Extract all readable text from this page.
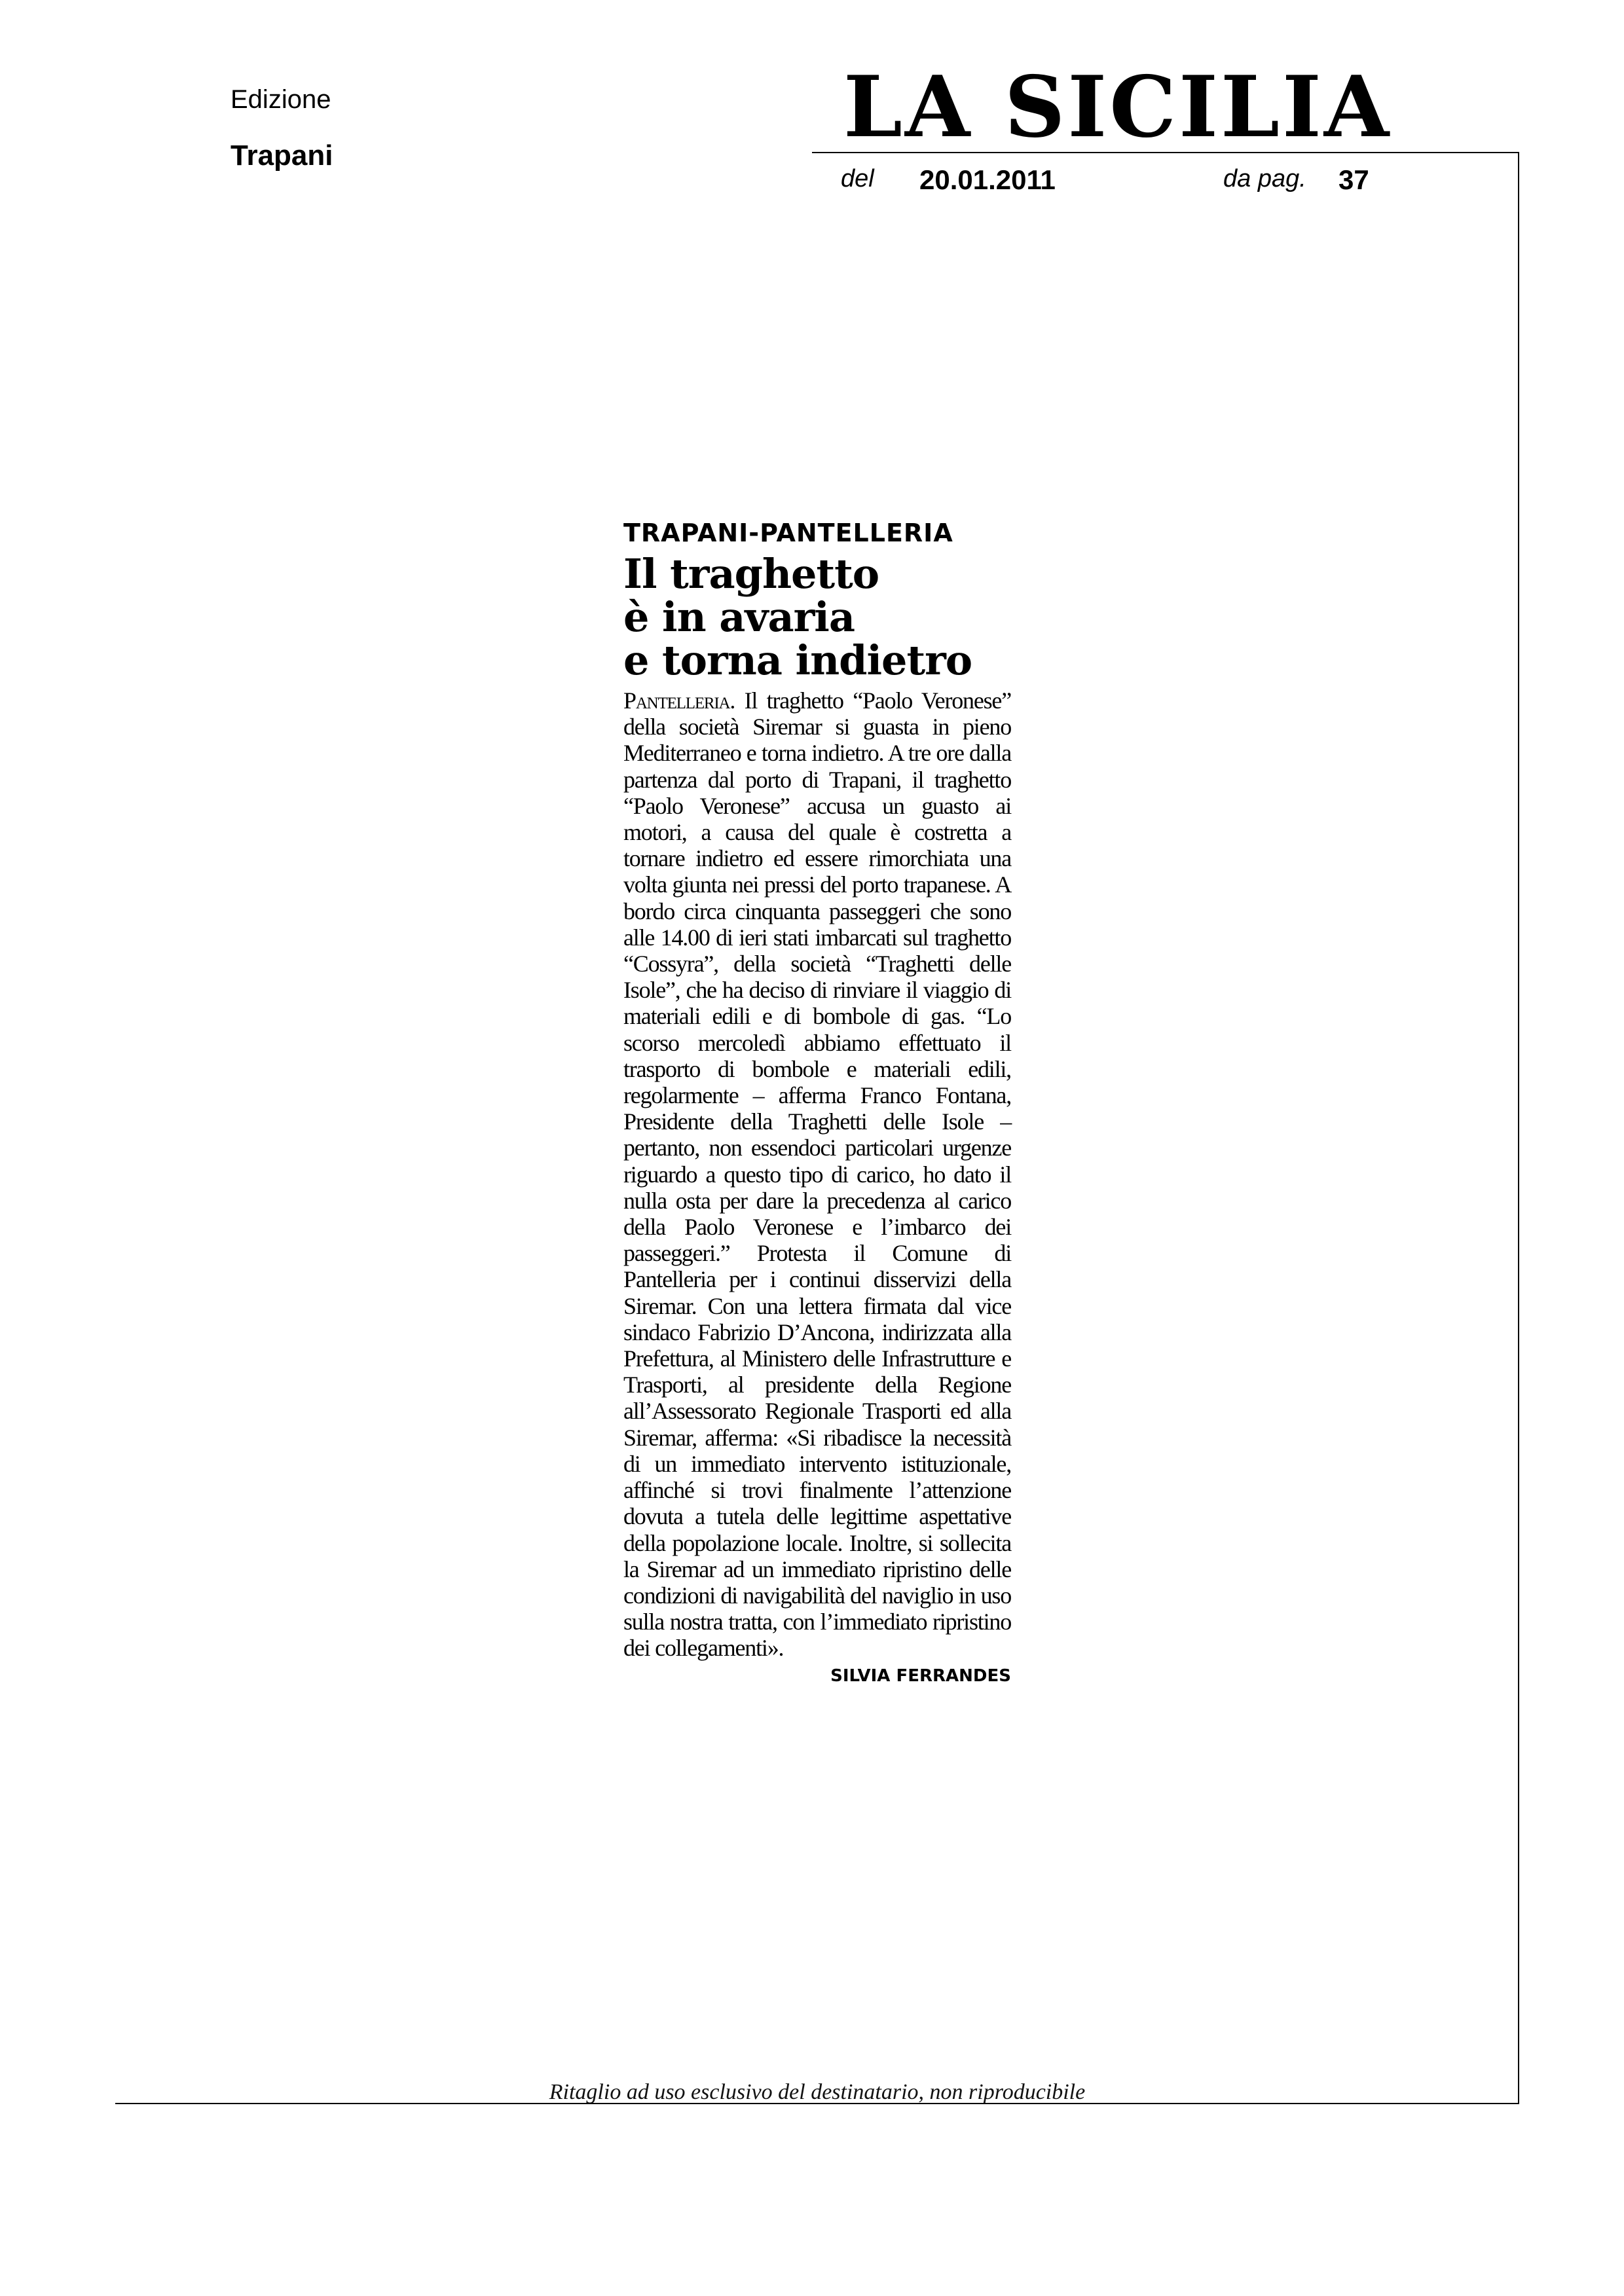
Edizione
Trapani	LA SICILIA
del 20.01.2011	da pag. 37
TRAPANI-PANTELLERIA
Il traghetto
è in avaria
e torna indietro

Pantelleria. Il traghetto “Paolo Veronese” della società Siremar si guasta in pieno Mediterraneo e torna indietro. A tre ore dalla partenza dal porto di Trapani, il traghetto “Paolo Veronese” accusa un guasto ai motori, a causa del quale è costretta a tornare indietro ed essere rimorchiata una volta giunta nei pressi del porto trapanese. A bordo circa cinquanta passeggeri che sono alle 14.00 di ieri stati imbarcati sul traghetto “Cossyra”, della società “Traghetti delle Isole”, che ha deciso di rinviare il viaggio di materiali edili e di bombole di gas. “Lo scorso mercoledì abbiamo effettuato il trasporto di bombole e materiali edili, regolarmente – afferma Franco Fontana, Presidente della Traghetti delle Isole – pertanto, non essendoci particolari urgenze riguardo a questo tipo di carico, ho dato il nulla osta per dare la precedenza al carico della Paolo Veronese e l’imbarco dei passeggeri.” Protesta il Comune di Pantelleria per i continui disservizi della Siremar. Con una lettera firmata dal vice sindaco Fabrizio D’Ancona, indirizzata alla Prefettura, al Ministero delle Infrastrutture e Trasporti, al presidente della Regione all’Assessorato Regionale Trasporti ed alla Siremar, afferma: «Si ribadisce la necessità di un immediato intervento istituzionale, affinché si trovi finalmente l’attenzione dovuta a tutela delle legittime aspettative della popolazione locale. Inoltre, si sollecita la Siremar ad un immediato ripristino delle condizioni di navigabilità del naviglio in uso sulla nostra tratta, con l’immediato ripristino dei collegamenti».

SILVIA FERRANDES
Ritaglio ad uso esclusivo del destinatario, non riproducibile
